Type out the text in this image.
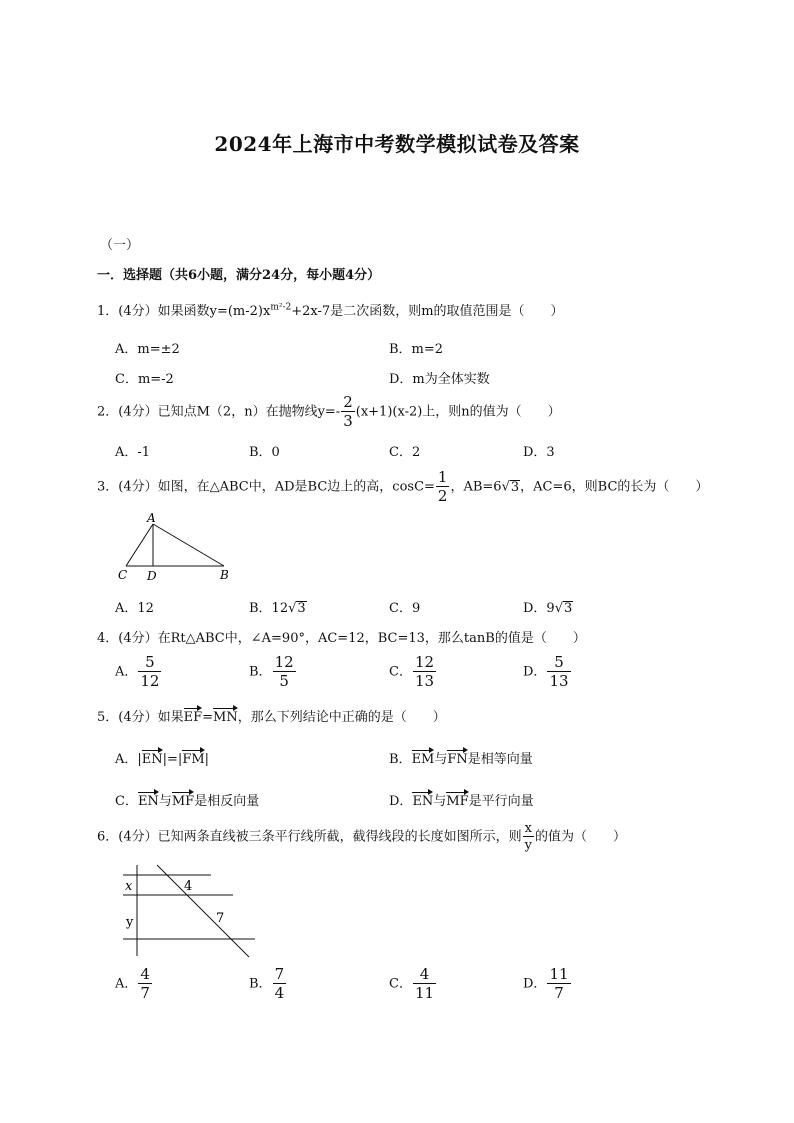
2024年上海市中考数学模拟试卷及答案
（一）
一．选择题（共6小题，满分24分，每小题4分）
1．(4分）如果函数$y=(m-2)x^{m^2-2}+2x-7$是二次函数，则m的取值范围是（　　）
A．m=±2	B．m=2
C．m=-2	D．m为全体实数
2．(4分）已知点M（2，n）在抛物线$y=- \frac{2}{3} (x+1)(x-2)$上，则n的值为（　　）
A．-1	B．0	C．2	D．3
3．(4分）如图，在△ABC中，AD是BC边上的高，$\cos C= \frac{1}{2}$ ，AB=6√3，AC=6，则BC的长为（　　）
A
C D	B
A．12	B．12√3	C．9	D．9√3
4．(4分）在Rt△ABC中，∠A=90°，AC=12，BC=13，那么tanB的值是（　　）
A． $\frac{5}{12}$	B． $\frac{12}{5}$	C． $\frac{12}{13}$	D． $\frac{5}{13}$
5．(4分）如果EF=MN，那么下列结论中正确的是（　　）
A．|EN|=|FM|	B．EM与FN是相等向量
C．EN与MF是相反向量	D．EN与MF是平行向量
6．(4分）已知两条直线被三条平行线所截，截得线段的长度如图所示，则 $\frac{x}{y}$ 的值为（　　）
x
y
4
7
A． $\frac{4}{7}$	B． $\frac{7}{4}$	C． $\frac{4}{11}$	D． $\frac{11}{7}$
